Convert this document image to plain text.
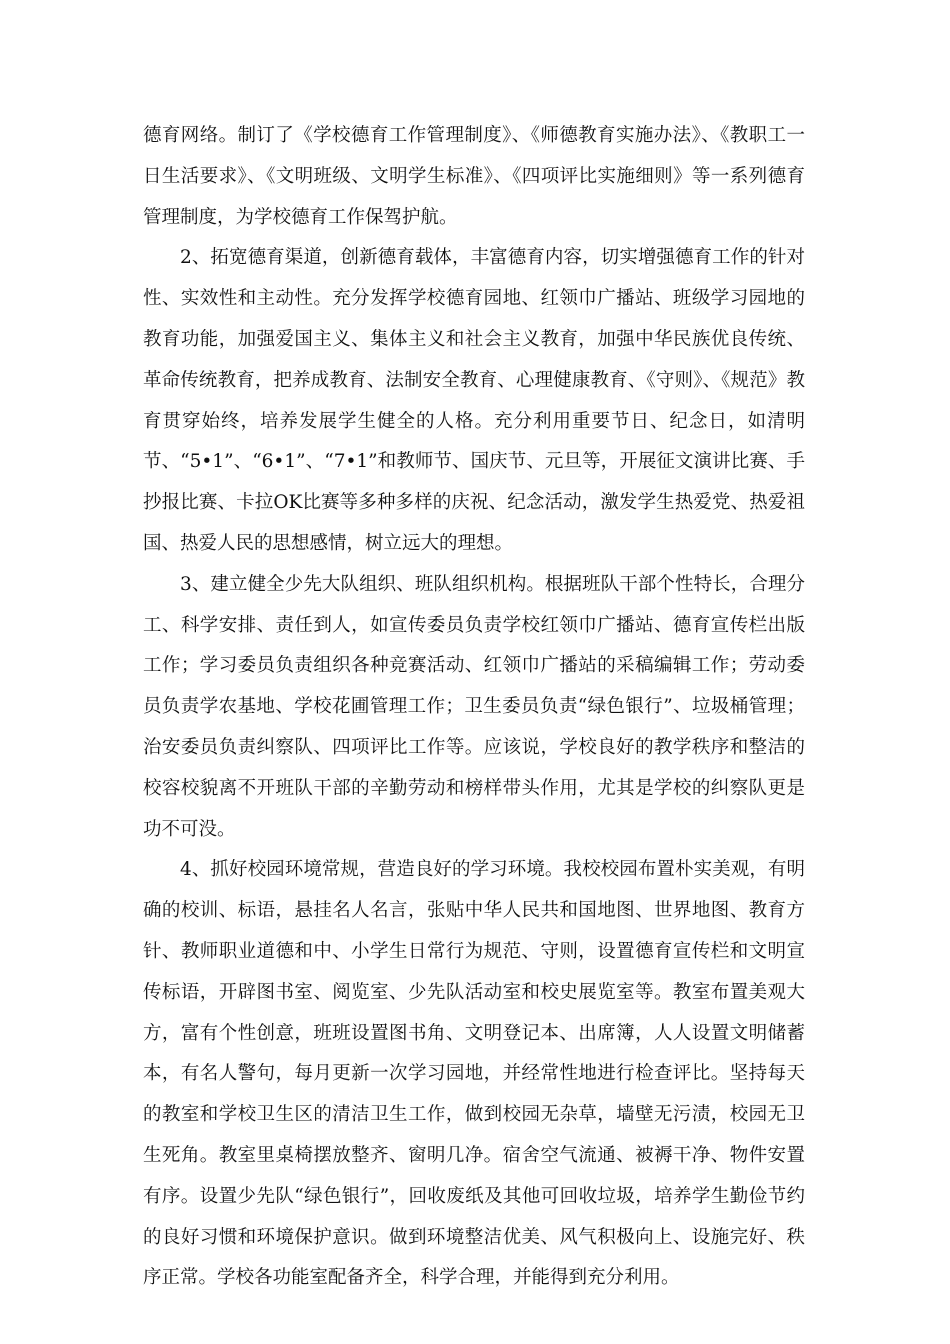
德育网络。制订了《学校德育工作管理制度》、《师德教育实施办法》、《教职工一日生活要求》、《文明班级、文明学生标准》、《四项评比实施细则》等一系列德育管理制度，为学校德育工作保驾护航。

2、拓宽德育渠道，创新德育载体，丰富德育内容，切实增强德育工作的针对性、实效性和主动性。充分发挥学校德育园地、红领巾广播站、班级学习园地的教育功能，加强爱国主义、集体主义和社会主义教育，加强中华民族优良传统、革命传统教育，把养成教育、法制安全教育、心理健康教育、《守则》、《规范》教育贯穿始终，培养发展学生健全的人格。充分利用重要节日、纪念日，如清明节、“5•1”、“6•1”、“7•1”和教师节、国庆节、元旦等，开展征文演讲比赛、手抄报比赛、卡拉OK比赛等多种多样的庆祝、纪念活动，激发学生热爱党、热爱祖国、热爱人民的思想感情，树立远大的理想。

3、建立健全少先大队组织、班队组织机构。根据班队干部个性特长，合理分工、科学安排、责任到人，如宣传委员负责学校红领巾广播站、德育宣传栏出版工作；学习委员负责组织各种竞赛活动、红领巾广播站的采稿编辑工作；劳动委员负责学农基地、学校花圃管理工作；卫生委员负责“绿色银行”、垃圾桶管理；治安委员负责纠察队、四项评比工作等。应该说，学校良好的教学秩序和整洁的校容校貌离不开班队干部的辛勤劳动和榜样带头作用，尤其是学校的纠察队更是功不可没。

4、抓好校园环境常规，营造良好的学习环境。我校校园布置朴实美观，有明确的校训、标语，悬挂名人名言，张贴中华人民共和国地图、世界地图、教育方针、教师职业道德和中、小学生日常行为规范、守则，设置德育宣传栏和文明宣传标语，开辟图书室、阅览室、少先队活动室和校史展览室等。教室布置美观大方，富有个性创意，班班设置图书角、文明登记本、出席簿，人人设置文明储蓄本，有名人警句，每月更新一次学习园地，并经常性地进行检查评比。坚持每天的教室和学校卫生区的清洁卫生工作，做到校园无杂草，墙壁无污渍，校园无卫生死角。教室里桌椅摆放整齐、窗明几净。宿舍空气流通、被褥干净、物件安置有序。设置少先队“绿色银行”，回收废纸及其他可回收垃圾，培养学生勤俭节约的良好习惯和环境保护意识。做到环境整洁优美、风气积极向上、设施完好、秩序正常。学校各功能室配备齐全，科学合理，并能得到充分利用。
